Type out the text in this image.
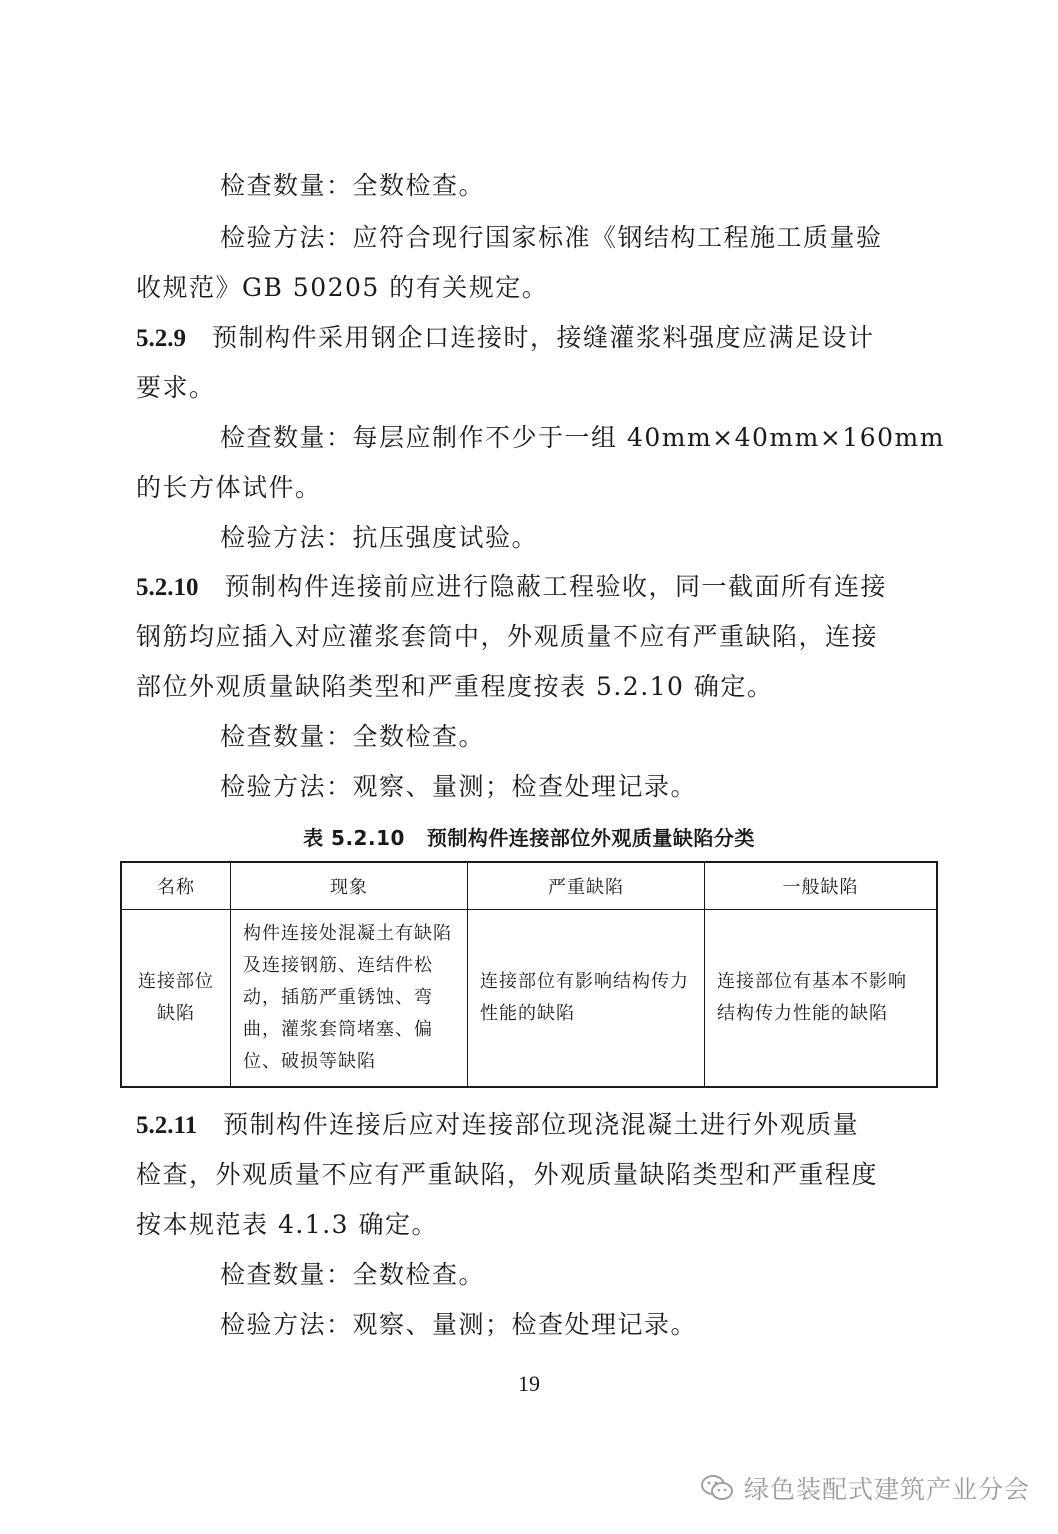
检查数量：全数检查。
检验方法：应符合现行国家标准《钢结构工程施工质量验
收规范》GB 50205 的有关规定。
5.2.9 预制构件采用钢企口连接时，接缝灌浆料强度应满足设计
要求。
检查数量：每层应制作不少于一组 40mm×40mm×160mm
的长方体试件。
检验方法：抗压强度试验。
5.2.10 预制构件连接前应进行隐蔽工程验收，同一截面所有连接
钢筋均应插入对应灌浆套筒中，外观质量不应有严重缺陷，连接
部位外观质量缺陷类型和严重程度按表 5.2.10 确定。
检查数量：全数检查。
检验方法：观察、量测；检查处理记录。
表 5.2.10 预制构件连接部位外观质量缺陷分类
名称	现象	严重缺陷	一般缺陷
连接部位缺陷	构件连接处混凝土有缺陷及连接钢筋、连结件松动，插筋严重锈蚀、弯曲，灌浆套筒堵塞、偏位、破损等缺陷	连接部位有影响结构传力性能的缺陷	连接部位有基本不影响结构传力性能的缺陷
5.2.11 预制构件连接后应对连接部位现浇混凝土进行外观质量
检查，外观质量不应有严重缺陷，外观质量缺陷类型和严重程度
按本规范表 4.1.3 确定。
检查数量：全数检查。
检验方法：观察、量测；检查处理记录。
19
绿色装配式建筑产业分会
